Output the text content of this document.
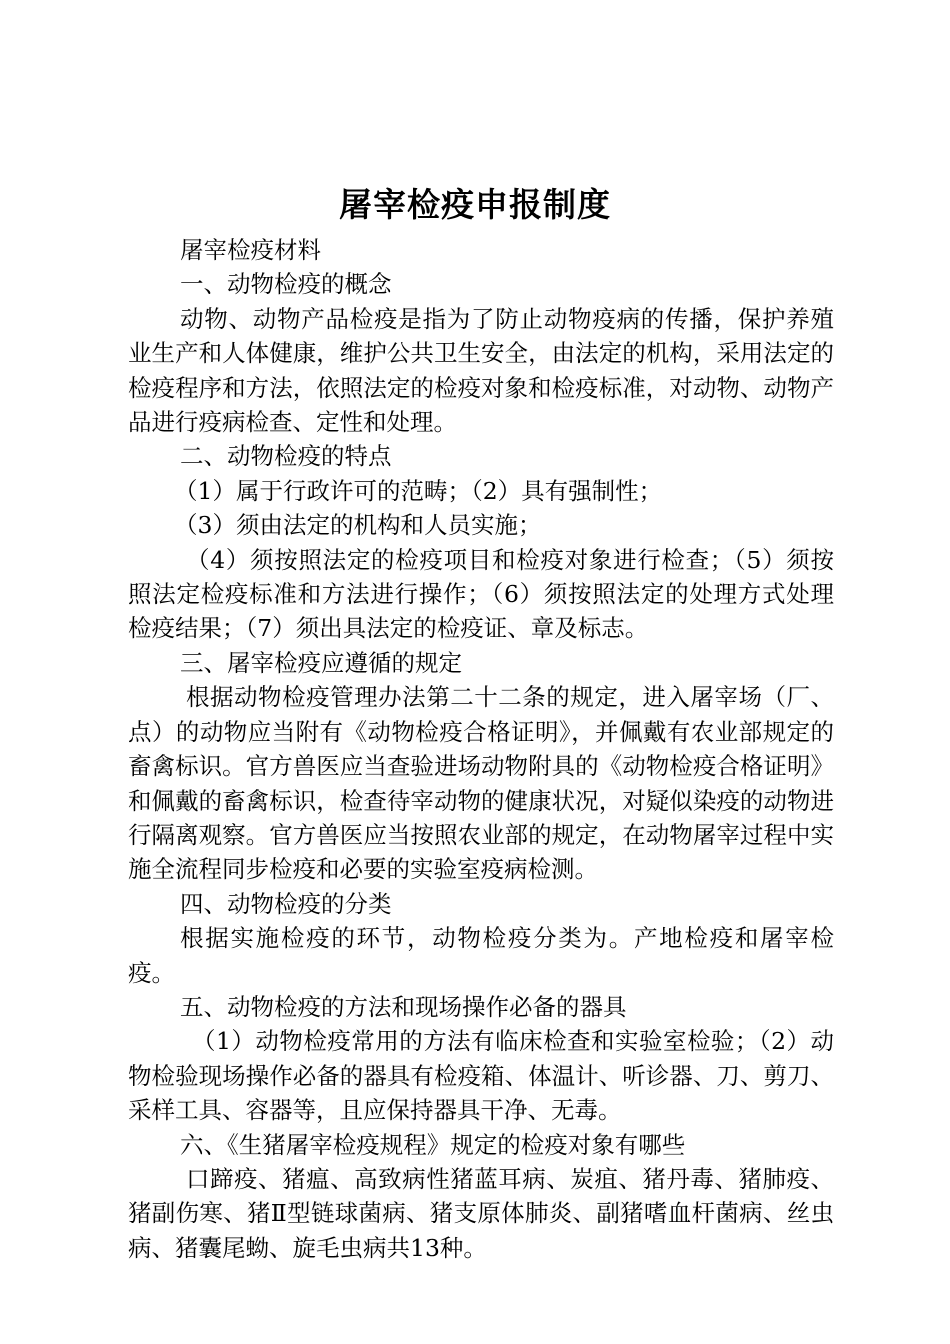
屠宰检疫申报制度

屠宰检疫材料

一、动物检疫的概念

动物、动物产品检疫是指为了防止动物疫病的传播，保护养殖业生产和人体健康，维护公共卫生安全，由法定的机构，采用法定的检疫程序和方法，依照法定的检疫对象和检疫标准，对动物、动物产品进行疫病检查、定性和处理。

二、动物检疫的特点

（1）属于行政许可的范畴；（2）具有强制性；

（3）须由法定的机构和人员实施；

（4）须按照法定的检疫项目和检疫对象进行检查；（5）须按照法定检疫标准和方法进行操作；（6）须按照法定的处理方式处理检疫结果；（7）须出具法定的检疫证、章及标志。

三、屠宰检疫应遵循的规定

根据动物检疫管理办法第二十二条的规定，进入屠宰场（厂、点）的动物应当附有《动物检疫合格证明》，并佩戴有农业部规定的畜禽标识。官方兽医应当查验进场动物附具的《动物检疫合格证明》和佩戴的畜禽标识，检查待宰动物的健康状况，对疑似染疫的动物进行隔离观察。官方兽医应当按照农业部的规定，在动物屠宰过程中实施全流程同步检疫和必要的实验室疫病检测。

四、动物检疫的分类

根据实施检疫的环节，动物检疫分类为。产地检疫和屠宰检疫。

五、动物检疫的方法和现场操作必备的器具

（1）动物检疫常用的方法有临床检查和实验室检验；（2）动物检验现场操作必备的器具有检疫箱、体温计、听诊器、刀、剪刀、采样工具、容器等，且应保持器具干净、无毒。

六、《生猪屠宰检疫规程》规定的检疫对象有哪些

口蹄疫、猪瘟、高致病性猪蓝耳病、炭疽、猪丹毒、猪肺疫、猪副伤寒、猪Ⅱ型链球菌病、猪支原体肺炎、副猪嗜血杆菌病、丝虫病、猪囊尾蚴、旋毛虫病共13种。
